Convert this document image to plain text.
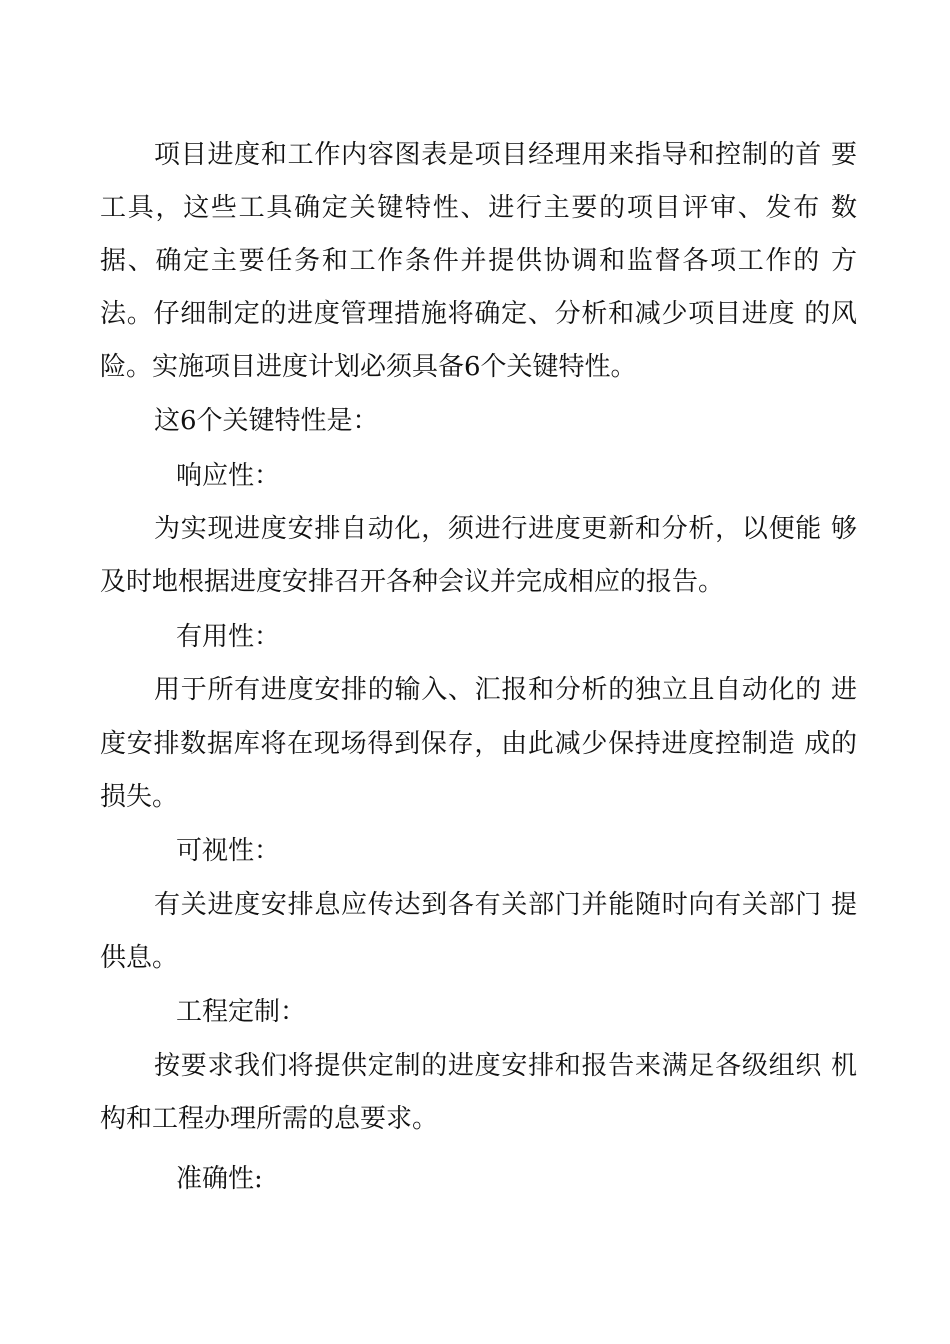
项目进度和工作内容图表是项目经理用来指导和控制的首 要
工具，这些工具确定关键特性、进行主要的项目评审、发布 数
据、确定主要任务和工作条件并提供协调和监督各项工作的 方
法。仔细制定的进度管理措施将确定、分析和减少项目进度 的风
险。实施项目进度计划必须具备6个关键特性。
这6个关键特性是：
响应性：
为实现进度安排自动化，须进行进度更新和分析，以便能 够
及时地根据进度安排召开各种会议并完成相应的报告。
有用性：
用于所有进度安排的输入、汇报和分析的独立且自动化的 进
度安排数据库将在现场得到保存，由此减少保持进度控制造 成的
损失。
可视性：
有关进度安排息应传达到各有关部门并能随时向有关部门 提
供息。
工程定制：
按要求我们将提供定制的进度安排和报告来满足各级组织 机
构和工程办理所需的息要求。
准确性:
